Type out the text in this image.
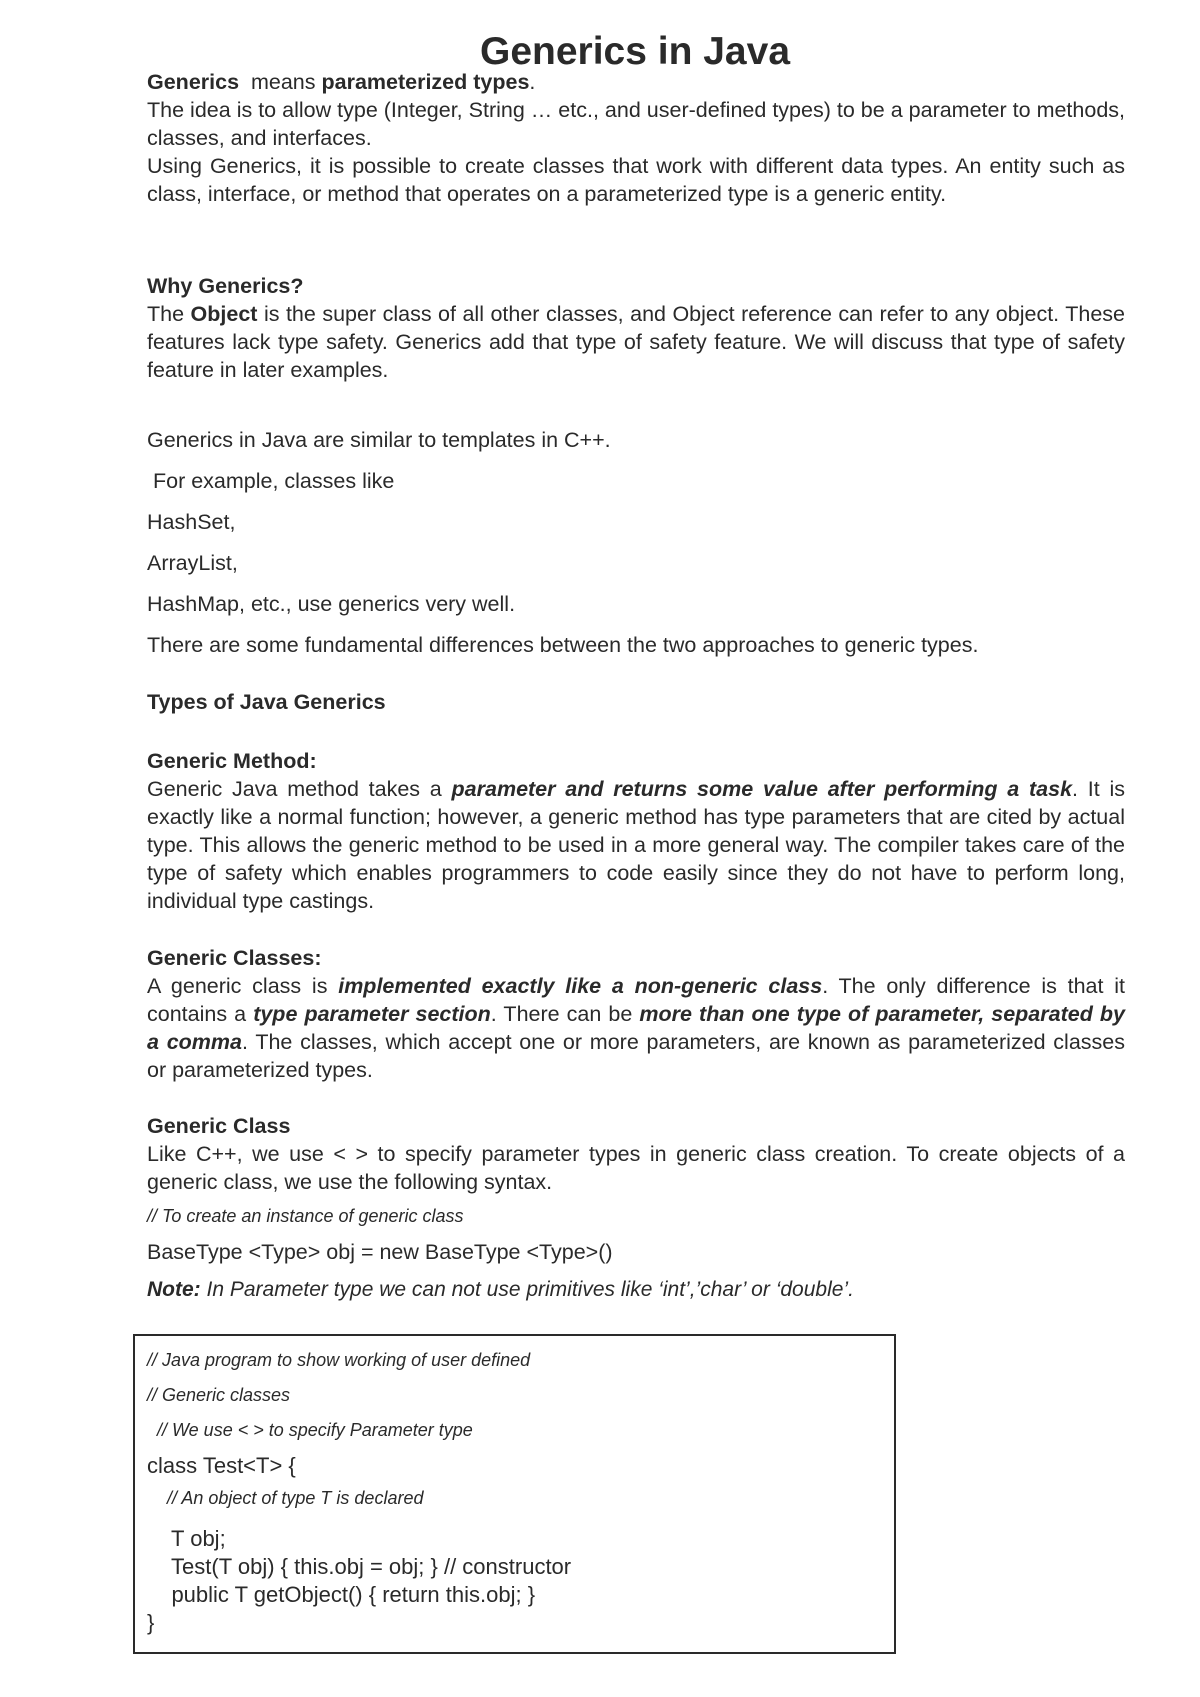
Generics in Java

Generics  means parameterized types.

The idea is to allow type (Integer, String … etc., and user-defined types) to be a parameter to methods, classes, and interfaces.

Using Generics, it is possible to create classes that work with different data types. An entity such as class, interface, or method that operates on a parameterized type is a generic entity.

Why Generics?

The Object is the super class of all other classes, and Object reference can refer to any object. These features lack type safety. Generics add that type of safety feature. We will discuss that type of safety feature in later examples.

Generics in Java are similar to templates in C++.

For example, classes like

HashSet,

ArrayList,

HashMap, etc., use generics very well.

There are some fundamental differences between the two approaches to generic types.

Types of Java Generics

Generic Method:

Generic Java method takes a parameter and returns some value after performing a task. It is exactly like a normal function; however, a generic method has type parameters that are cited by actual type. This allows the generic method to be used in a more general way. The compiler takes care of the type of safety which enables programmers to code easily since they do not have to perform long, individual type castings.

Generic Classes:

A generic class is implemented exactly like a non-generic class. The only difference is that it contains a type parameter section. There can be more than one type of parameter, separated by a comma. The classes, which accept one or more parameters, are known as parameterized classes or parameterized types.

Generic Class

Like C++, we use < > to specify parameter types in generic class creation. To create objects of a generic class, we use the following syntax.

// To create an instance of generic class

BaseType <Type> obj = new BaseType <Type>()

Note: In Parameter type we can not use primitives like ‘int’,’char’ or ‘double’.

// Java program to show working of user defined

// Generic classes

// We use < > to specify Parameter type

class Test<T> {

// An object of type T is declared

T obj;

Test(T obj) { this.obj = obj; } // constructor

public T getObject() { return this.obj; }

}
